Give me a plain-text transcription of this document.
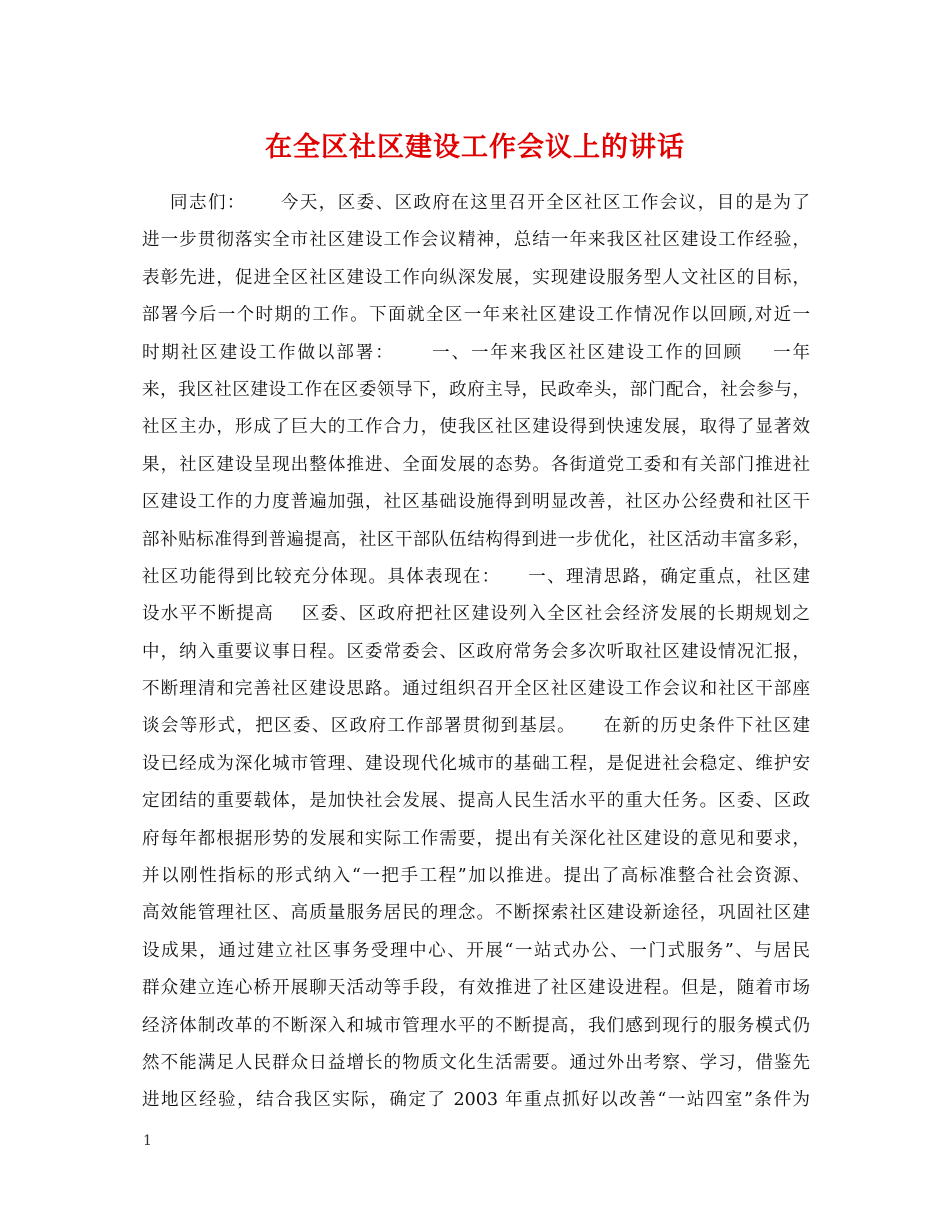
在全区社区建设工作会议上的讲话
同志们：     今天，区委、区政府在这里召开全区社区工作会议，目的是为了
进一步贯彻落实全市社区建设工作会议精神，总结一年来我区社区建设工作经验，
表彰先进，促进全区社区建设工作向纵深发展，实现建设服务型人文社区的目标，
部署今后一个时期的工作。下面就全区一年来社区建设工作情况作以回顾,对近一
时期社区建设工作做以部署：     一、一年来我区社区建设工作的回顾    一年
来，我区社区建设工作在区委领导下，政府主导，民政牵头，部门配合，社会参与，
社区主办，形成了巨大的工作合力，使我区社区建设得到快速发展，取得了显著效
果，社区建设呈现出整体推进、全面发展的态势。各街道党工委和有关部门推进社
区建设工作的力度普遍加强，社区基础设施得到明显改善，社区办公经费和社区干
部补贴标准得到普遍提高，社区干部队伍结构得到进一步优化，社区活动丰富多彩，
社区功能得到比较充分体现。具体表现在：    一、理清思路，确定重点，社区建
设水平不断提高    区委、区政府把社区建设列入全区社会经济发展的长期规划之
中，纳入重要议事日程。区委常委会、区政府常务会多次听取社区建设情况汇报，
不断理清和完善社区建设思路。通过组织召开全区社区建设工作会议和社区干部座
谈会等形式，把区委、区政府工作部署贯彻到基层。    在新的历史条件下社区建
设已经成为深化城市管理、建设现代化城市的基础工程，是促进社会稳定、维护安
定团结的重要载体，是加快社会发展、提高人民生活水平的重大任务。区委、区政
府每年都根据形势的发展和实际工作需要，提出有关深化社区建设的意见和要求，
并以刚性指标的形式纳入“一把手工程”加以推进。提出了高标准整合社会资源、
高效能管理社区、高质量服务居民的理念。不断探索社区建设新途径，巩固社区建
设成果，通过建立社区事务受理中心、开展“一站式办公、一门式服务”、与居民
群众建立连心桥开展聊天活动等手段，有效推进了社区建设进程。但是，随着市场
经济体制改革的不断深入和城市管理水平的不断提高，我们感到现行的服务模式仍
然不能满足人民群众日益增长的物质文化生活需要。通过外出考察、学习，借鉴先
进地区经验，结合我区实际，确定了 2003 年重点抓好以改善“一站四室”条件为
1
